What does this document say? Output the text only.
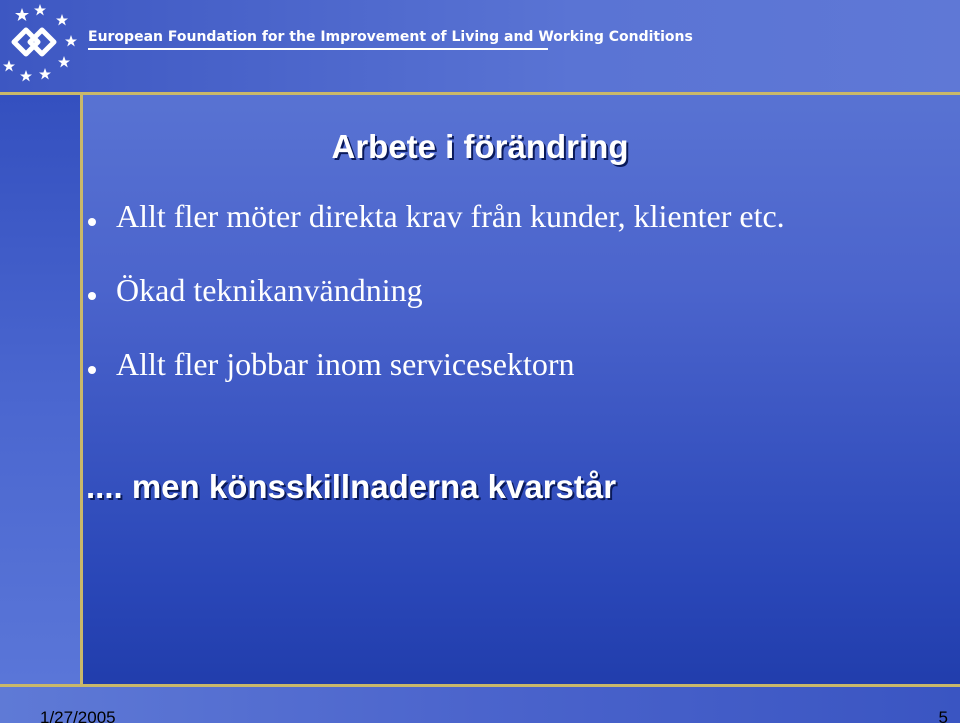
European Foundation for the Improvement of Living and Working Conditions
Arbete i förändring
Allt fler möter direkta krav från kunder, klienter etc.
Ökad teknikanvändning
Allt fler jobbar inom servicesektorn
.... men könsskillnaderna kvarstår
1/27/2005	5
